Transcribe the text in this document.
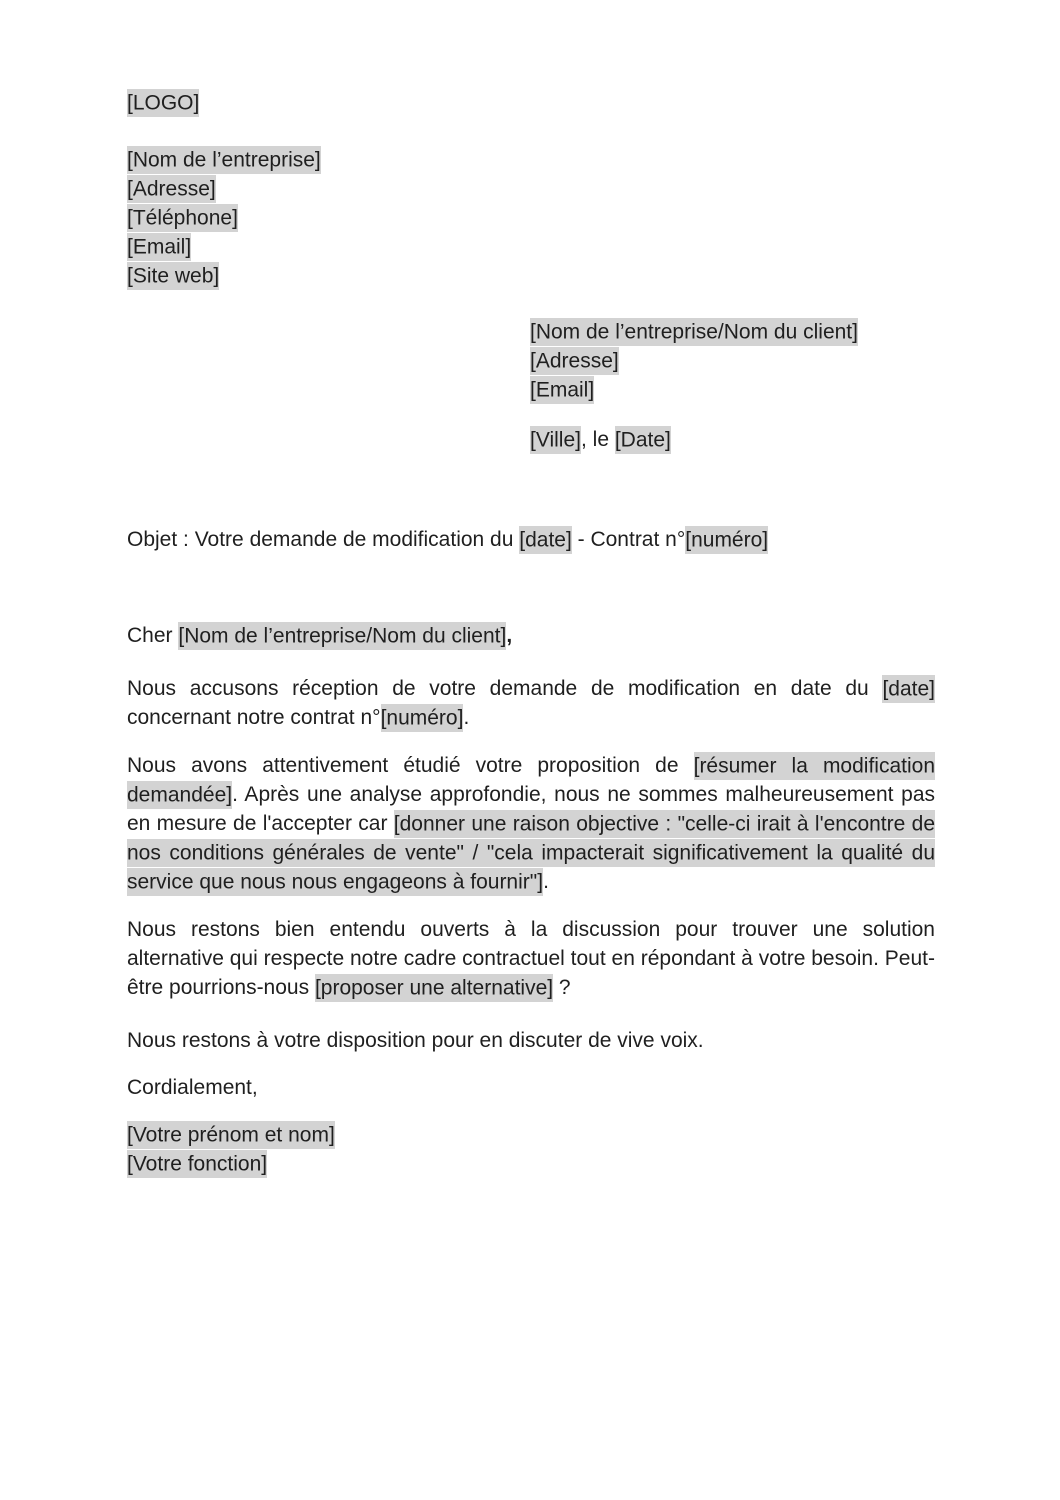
[LOGO]
[Nom de l’entreprise]
[Adresse]
[Téléphone]
[Email]
[Site web]
[Nom de l’entreprise/Nom du client]
[Adresse]
[Email]
[Ville], le [Date]
Objet : Votre demande de modification du [date] - Contrat n°[numéro]
Cher [Nom de l’entreprise/Nom du client],

Nous accusons réception de votre demande de modification en date du [date] concernant notre contrat n°[numéro].

Nous avons attentivement étudié votre proposition de [résumer la modification demandée]. Après une analyse approfondie, nous ne sommes malheureusement pas en mesure de l'accepter car [donner une raison objective : "celle-ci irait à l'encontre de nos conditions générales de vente" / "cela impacterait significativement la qualité du service que nous nous engageons à fournir"].

Nous restons bien entendu ouverts à la discussion pour trouver une solution alternative qui respecte notre cadre contractuel tout en répondant à votre besoin. Peut-être pourrions-nous [proposer une alternative] ?

Nous restons à votre disposition pour en discuter de vive voix.

Cordialement,
[Votre prénom et nom]
[Votre fonction]
